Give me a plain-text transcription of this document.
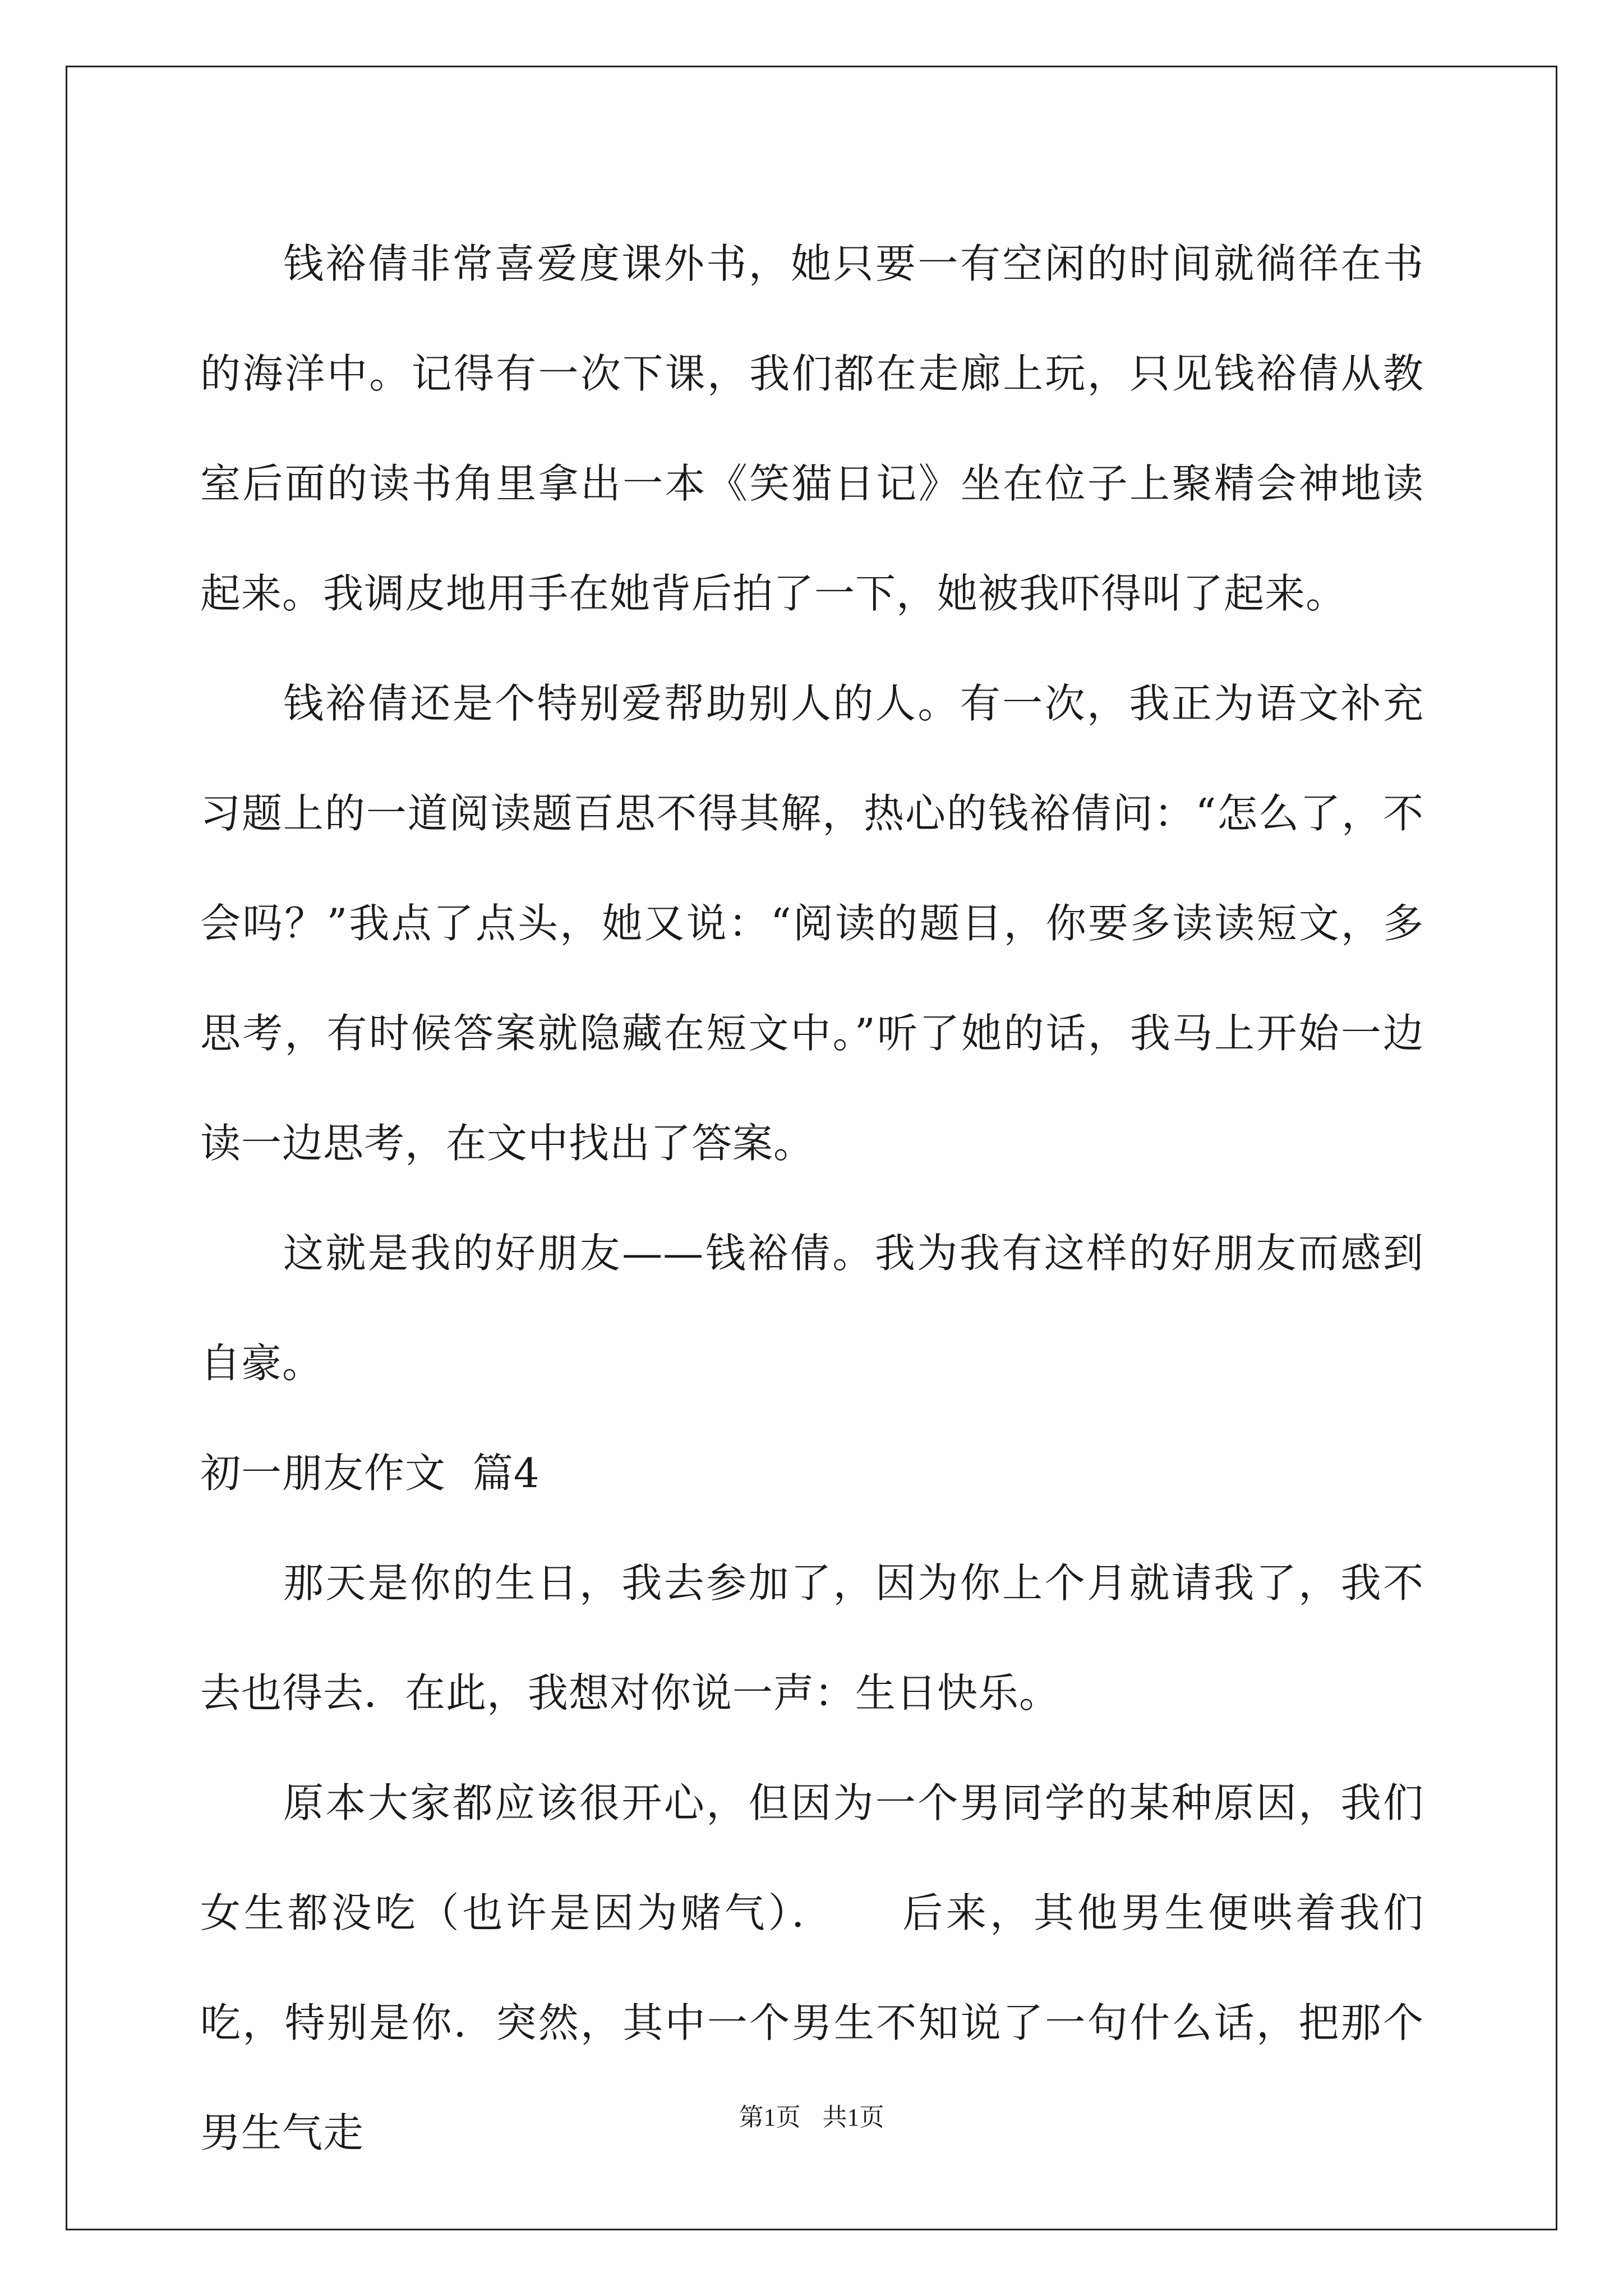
钱裕倩非常喜爱度课外书，她只要一有空闲的时间就徜徉在书的海洋中。记得有一次下课，我们都在走廊上玩，只见钱裕倩从教室后面的读书角里拿出一本《笑猫日记》坐在位子上聚精会神地读起来。我调皮地用手在她背后拍了一下，她被我吓得叫了起来。

钱裕倩还是个特别爱帮助别人的人。有一次，我正为语文补充习题上的一道阅读题百思不得其解，热心的钱裕倩问：“怎么了，不会吗？”我点了点头，她又说：“阅读的题目，你要多读读短文，多思考，有时候答案就隐藏在短文中。”听了她的话，我马上开始一边读一边思考，在文中找出了答案。

这就是我的好朋友——钱裕倩。我为我有这样的好朋友而感到自豪。

初一朋友作文  篇4

那天是你的生日，我去参加了，因为你上个月就请我了，我不去也得去．在此，我想对你说一声：生日快乐。

原本大家都应该很开心，但因为一个男同学的某种原因，我们女生都没吃（也许是因为赌气）．　　后来，其他男生便哄着我们吃，特别是你．突然，其中一个男生不知说了一句什么话，把那个男生气走	第1页 共1页
